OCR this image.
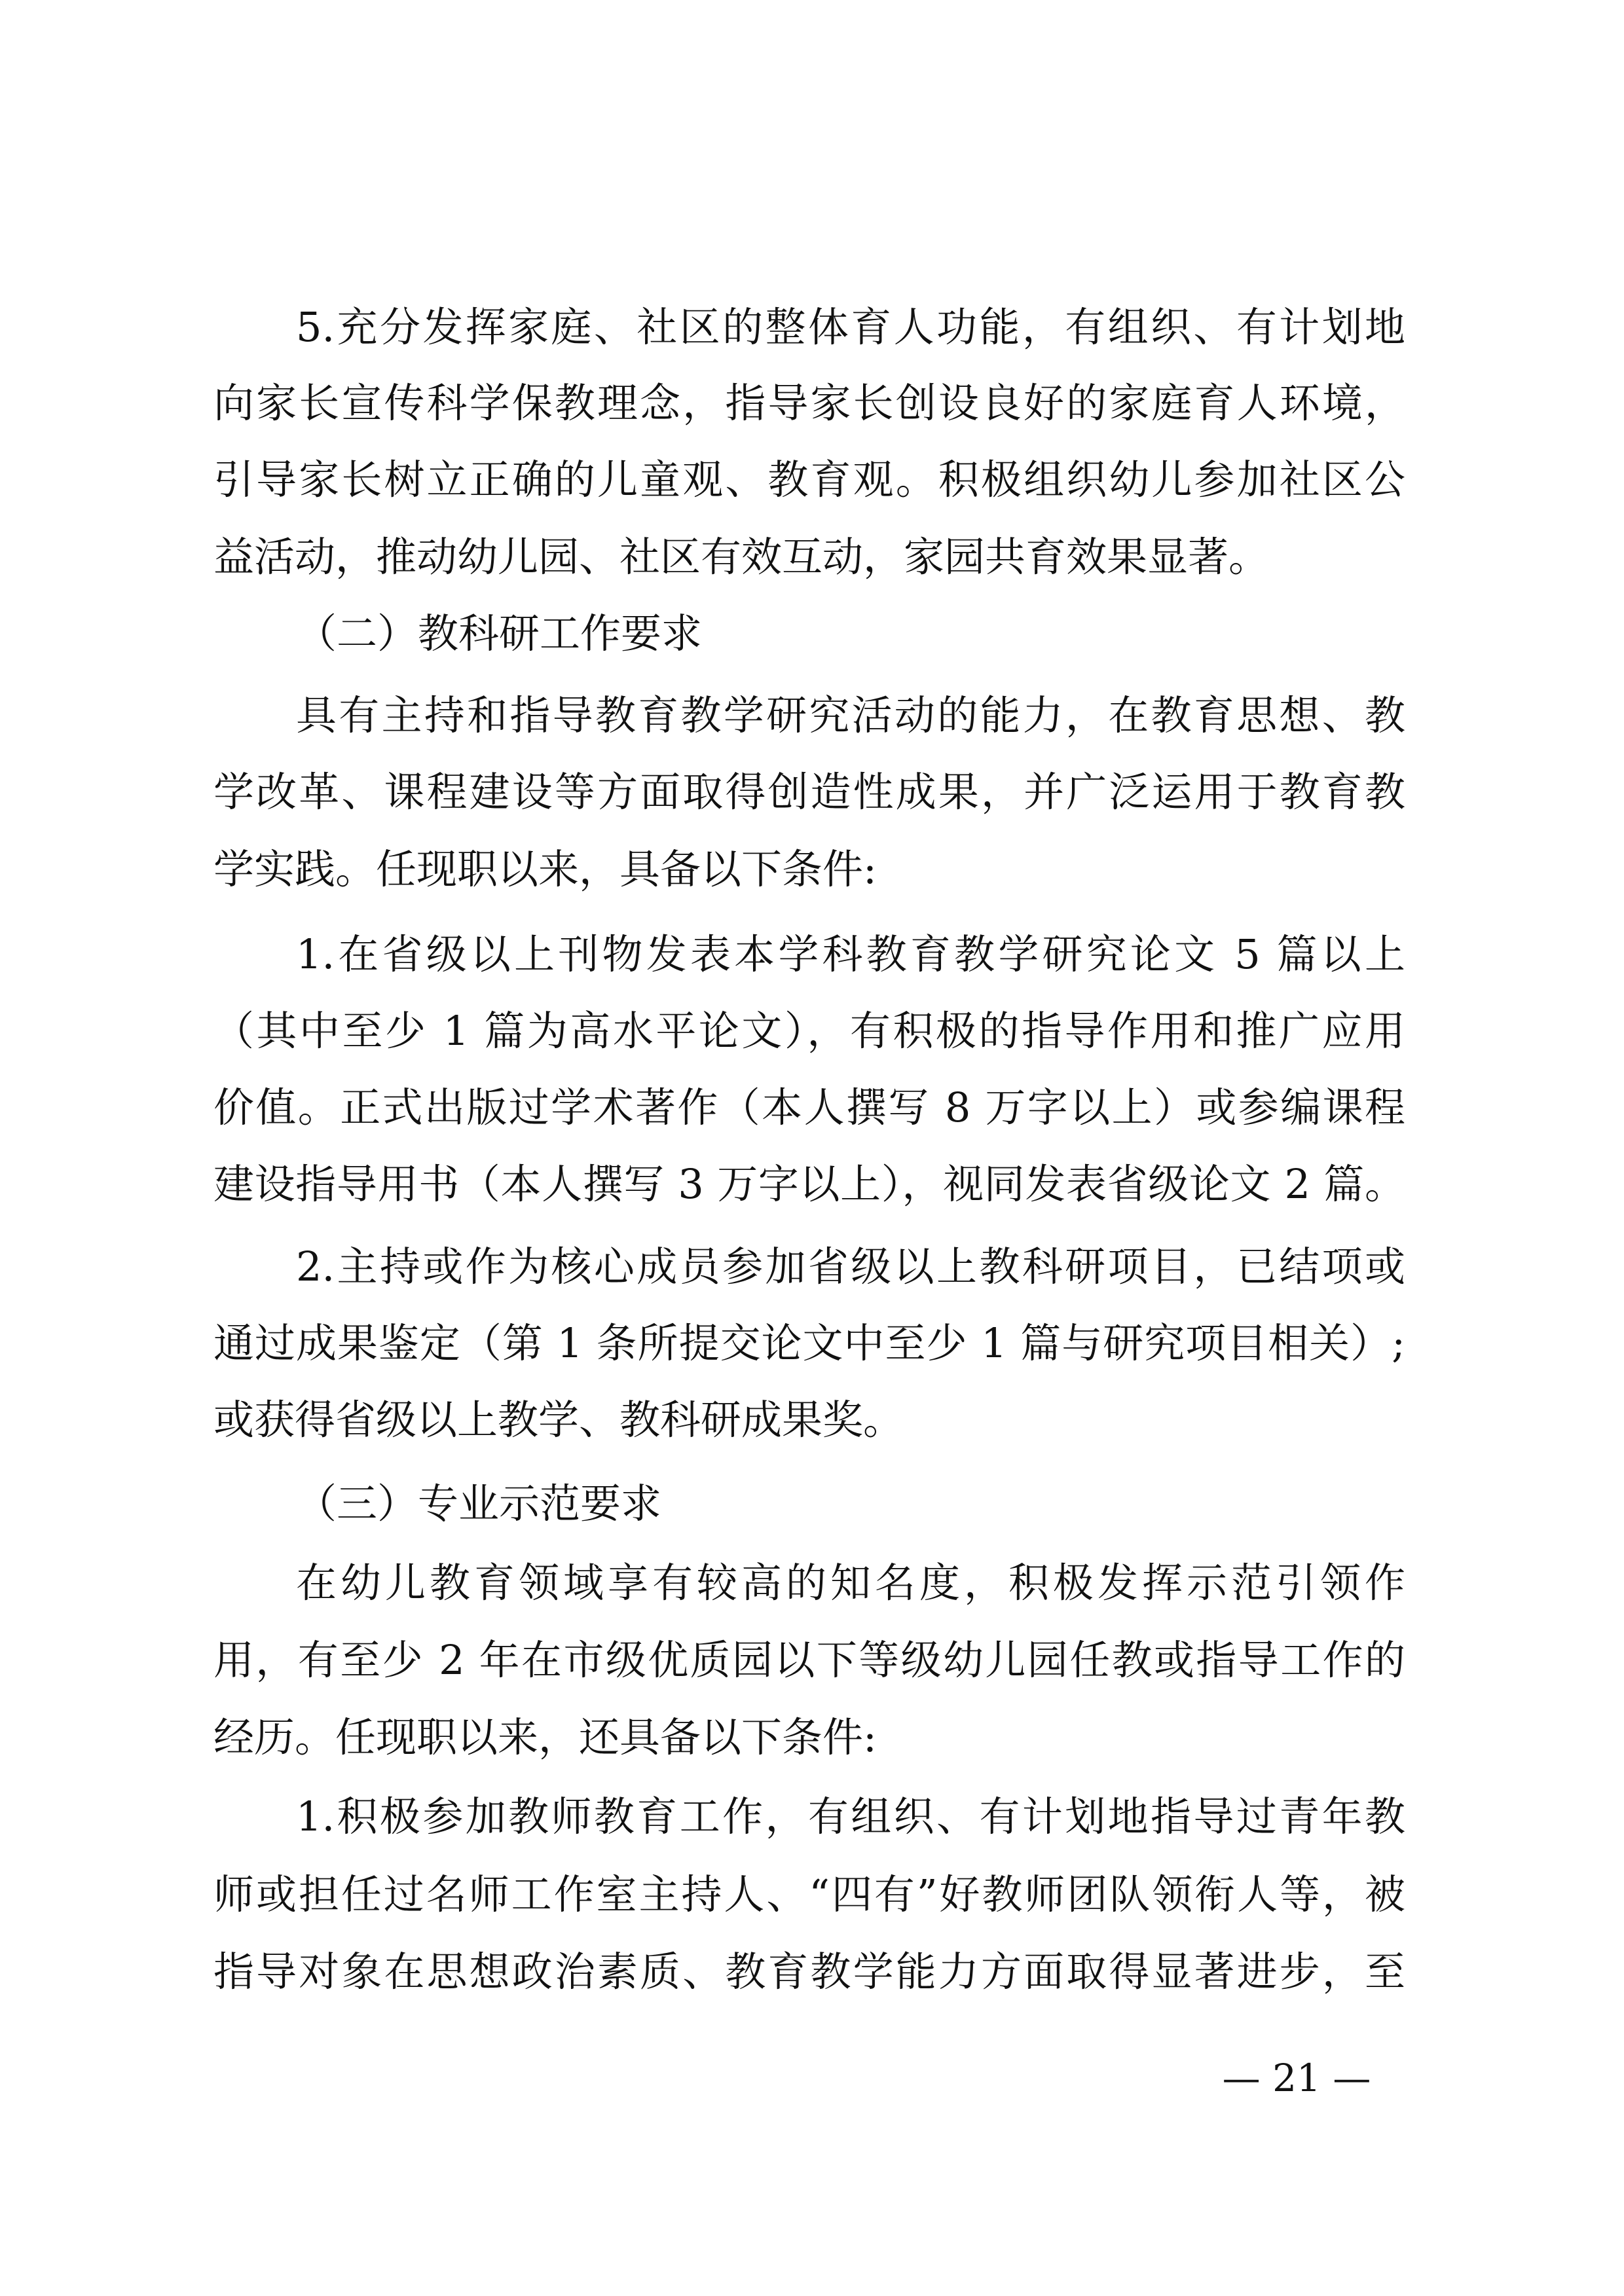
5.充分发挥家庭、社区的整体育人功能，有组织、有计划地
向家长宣传科学保教理念，指导家长创设良好的家庭育人环境，
引导家长树立正确的儿童观、教育观。积极组织幼儿参加社区公
益活动，推动幼儿园、社区有效互动，家园共育效果显著。
（二）教科研工作要求
具有主持和指导教育教学研究活动的能力，在教育思想、教
学改革、课程建设等方面取得创造性成果，并广泛运用于教育教
学实践。任现职以来，具备以下条件:
1.在省级以上刊物发表本学科教育教学研究论文 5 篇以上
（其中至少 1 篇为高水平论文），有积极的指导作用和推广应用
价值。正式出版过学术著作（本人撰写 8 万字以上）或参编课程
建设指导用书（本人撰写 3 万字以上），视同发表省级论文 2 篇。
2.主持或作为核心成员参加省级以上教科研项目，已结项或
通过成果鉴定（第 1 条所提交论文中至少 1 篇与研究项目相关）;
或获得省级以上教学、教科研成果奖。
（三）专业示范要求
在幼儿教育领域享有较高的知名度，积极发挥示范引领作
用，有至少 2 年在市级优质园以下等级幼儿园任教或指导工作的
经历。任现职以来，还具备以下条件:
1.积极参加教师教育工作，有组织、有计划地指导过青年教
师或担任过名师工作室主持人、“四有”好教师团队领衔人等，被
指导对象在思想政治素质、教育教学能力方面取得显著进步，至
— 21 —
